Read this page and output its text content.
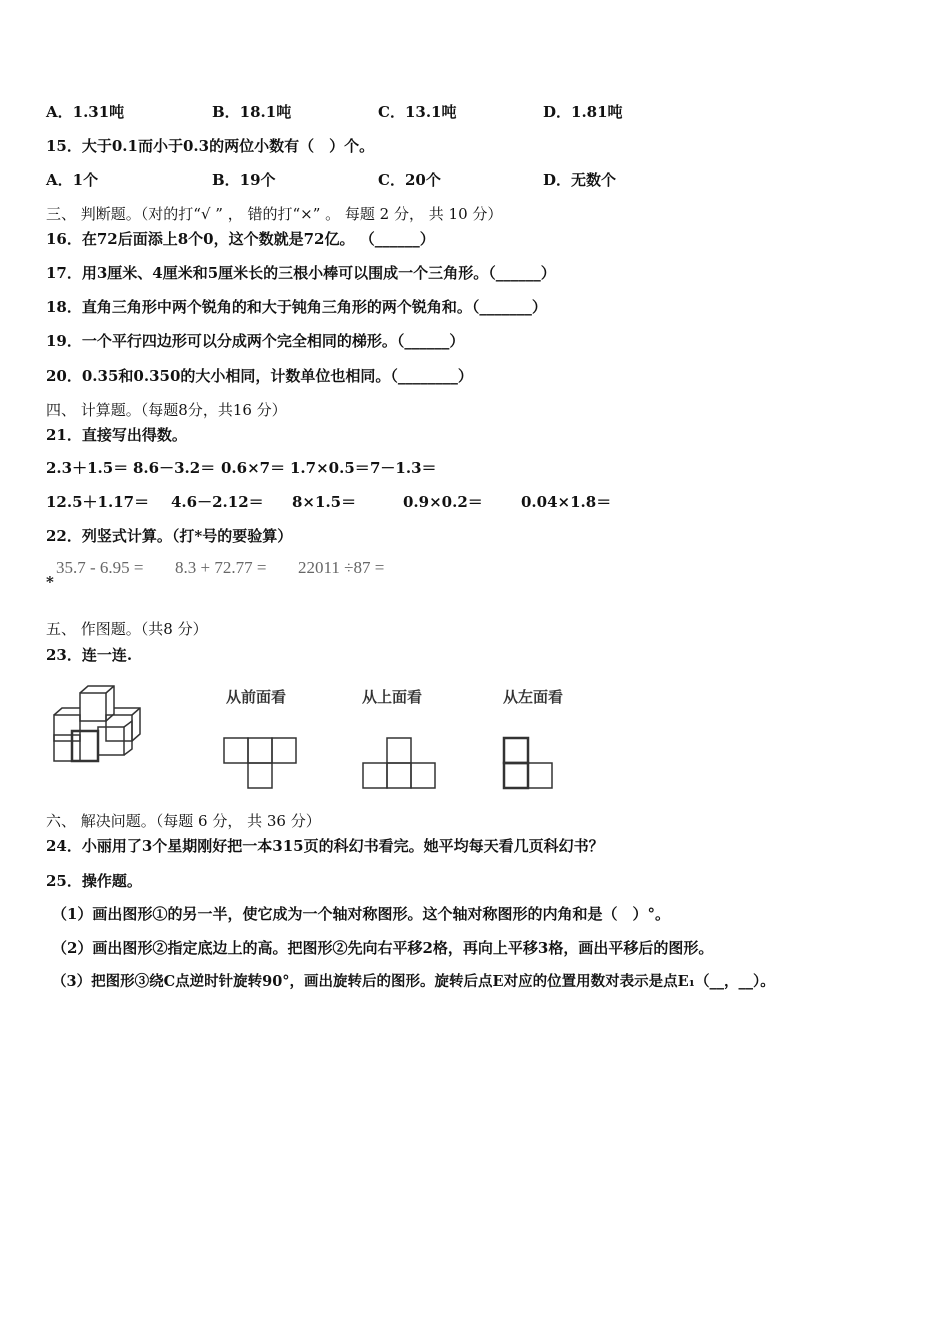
A．1.31吨	B．18.1吨	C．13.1吨	D．1.81吨
15．大于0.1而小于0.3的两位小数有（　）个。
A．1个	B．19个	C．20个	D．无数个
三、 判断题。（对的打“√ ” ， 错的打“×” 。 每题 2 分， 共 10 分）
16．在72后面添上8个0，这个数就是72亿。 （______）
17．用3厘米、4厘米和5厘米长的三根小棒可以围成一个三角形。（______）
18．直角三角形中两个锐角的和大于钝角三角形的两个锐角和。（_______）
19．一个平行四边形可以分成两个完全相同的梯形。（______）
20．0.35和0.350的大小相同，计数单位也相同。（________）
四、 计算题。（每题8分，共16 分）
21．直接写出得数。
2.3＋1.5＝ 8.6－3.2＝ 0.6×7＝ 1.7×0.5＝ 7－1.3＝
12.5＋1.17＝ 4.6－2.12＝ 8×1.5＝	0.9×0.2＝	0.04×1.8＝
22．列竖式计算。（打*号的要验算）
35.7 - 6.95 = 8.3 + 72.77 = 22011 ÷87 =
*
五、 作图题。（共8 分）
23．连一连.
从前面看	从上面看	从左面看
六、 解决问题。（每题 6 分， 共 36 分）
24．小丽用了3个星期刚好把一本315页的科幻书看完。她平均每天看几页科幻书？
25．操作题。
（1）画出图形①的另一半，使它成为一个轴对称图形。这个轴对称图形的内角和是（　）°。
（2）画出图形②指定底边上的高。把图形②先向右平移2格，再向上平移3格，画出平移后的图形。
（3）把图形③绕C点逆时针旋转90°，画出旋转后的图形。旋转后点E对应的位置用数对表示是点E₁（__，__）。
